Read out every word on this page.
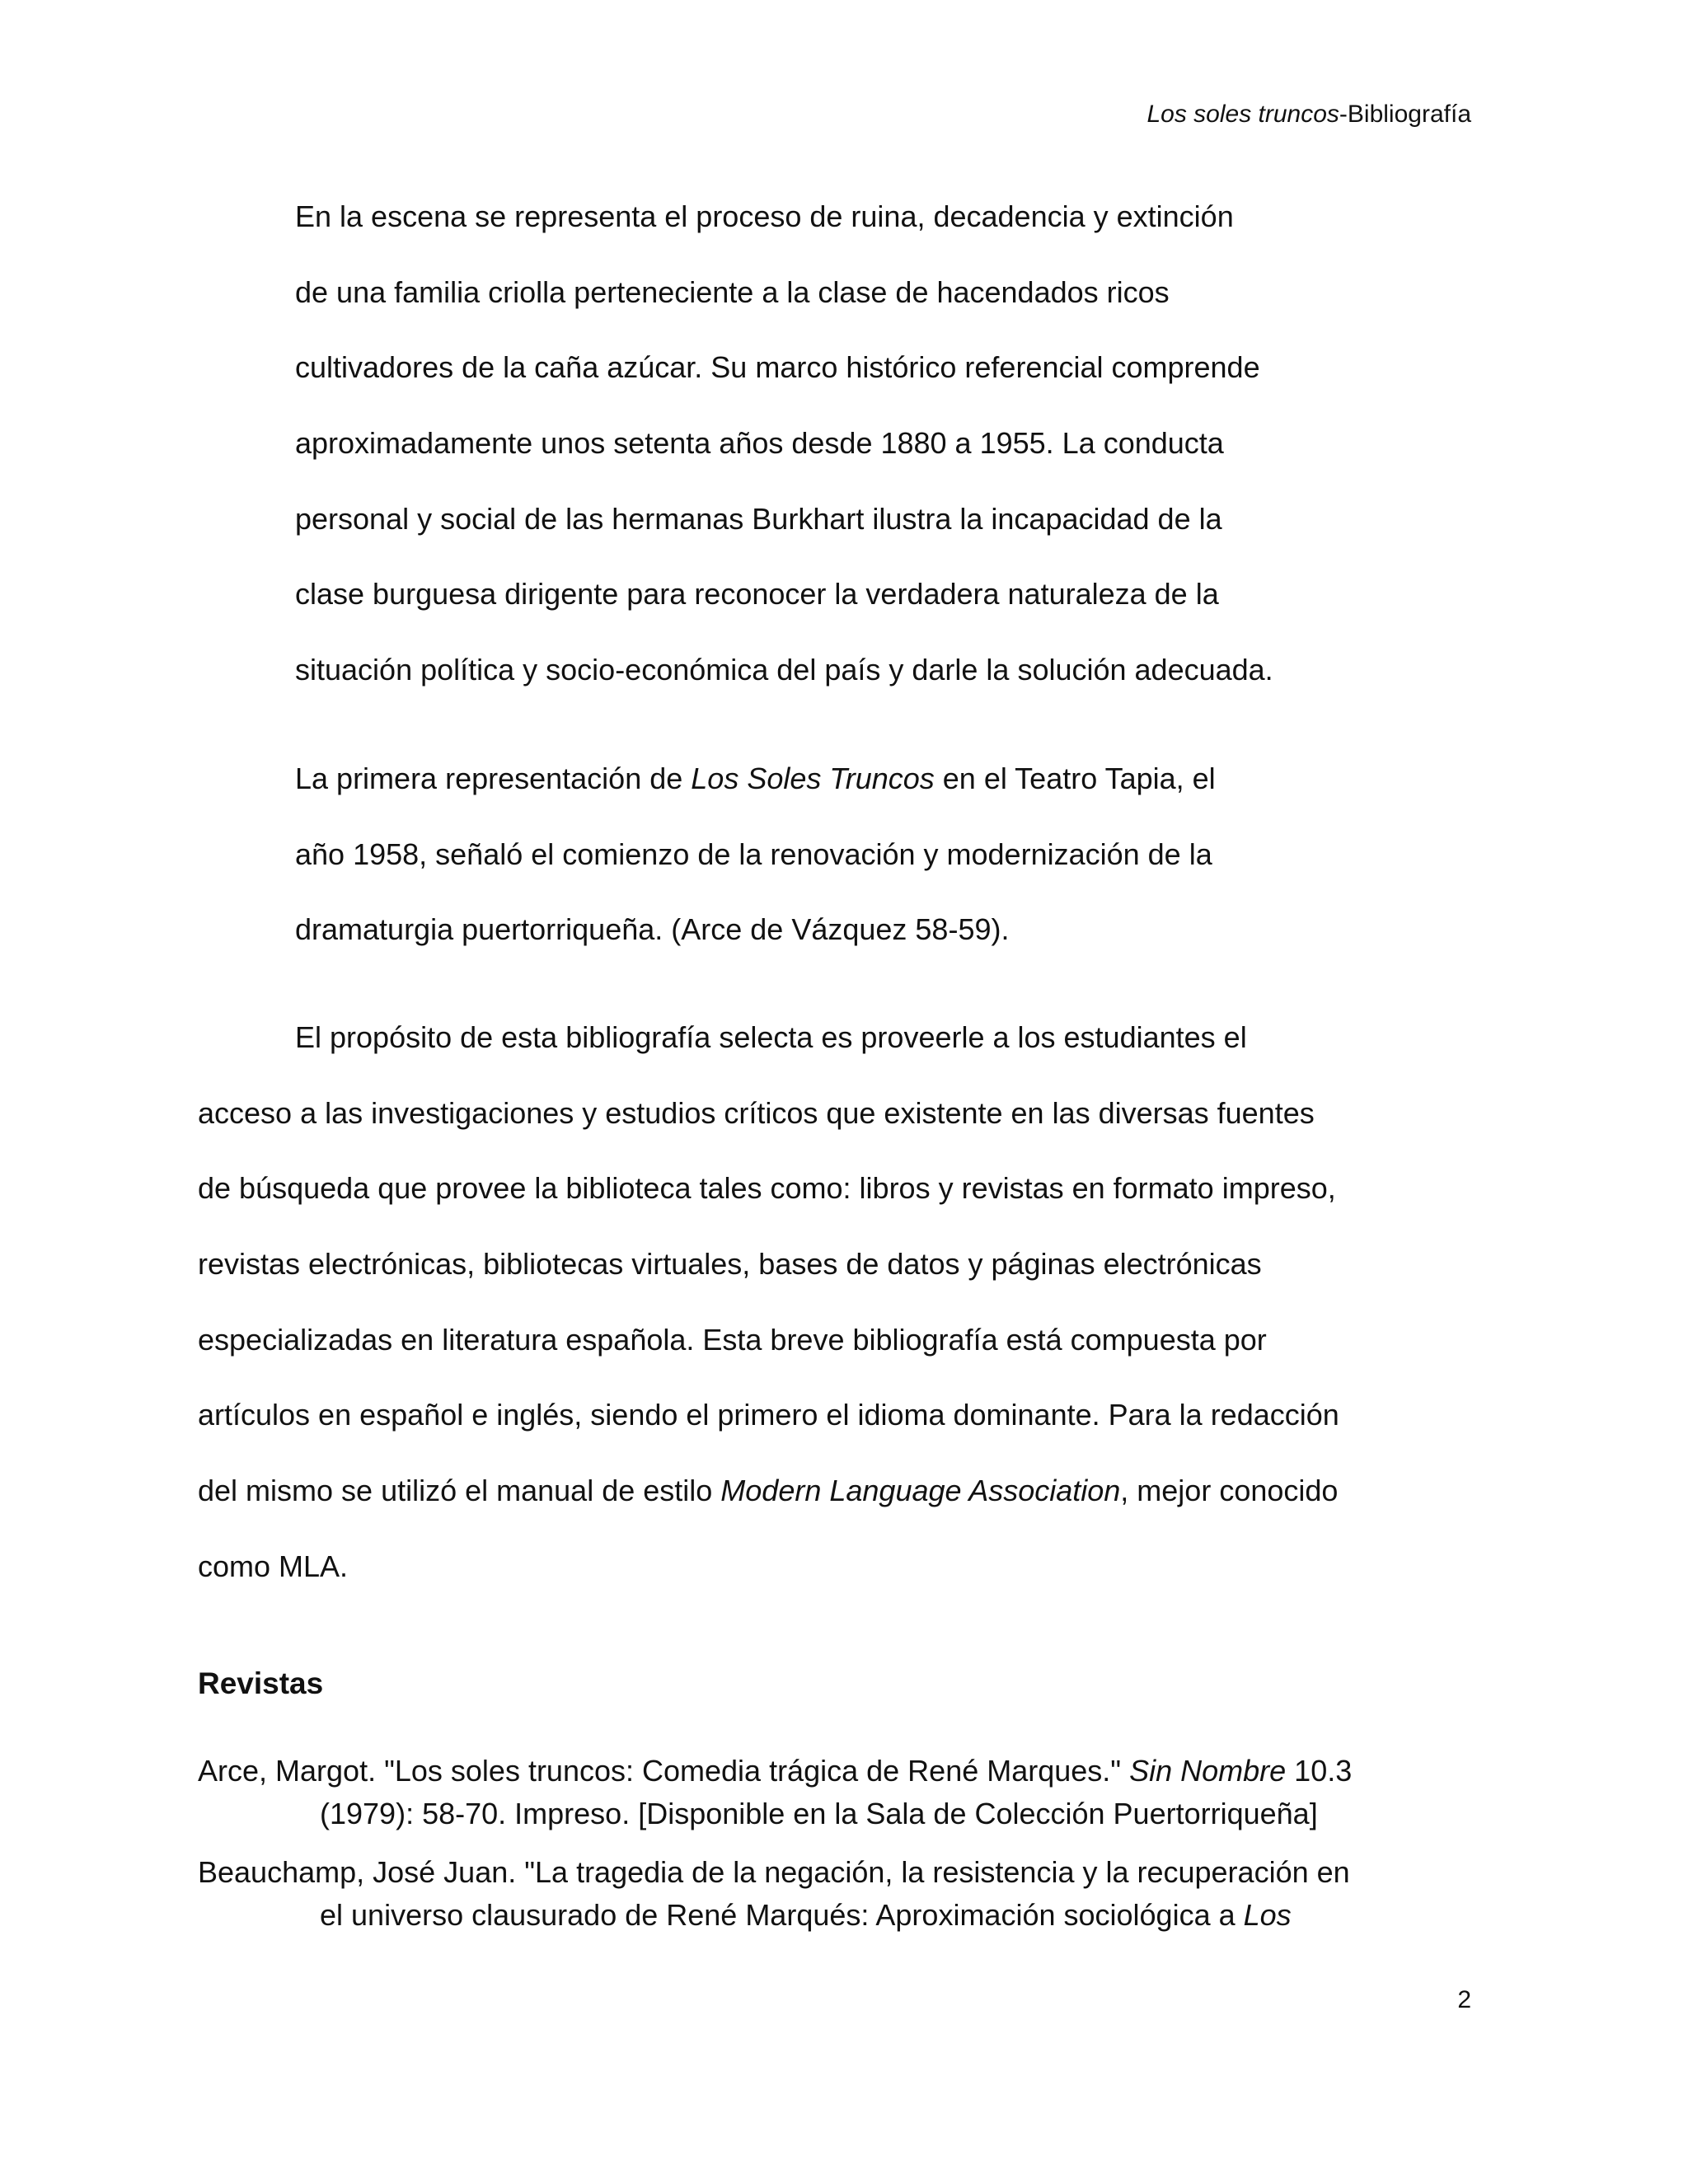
Los soles truncos-Bibliografía
En la escena se representa el proceso de ruina, decadencia y extinción
de una familia criolla perteneciente a la clase de hacendados ricos
cultivadores de la caña azúcar. Su marco histórico referencial comprende
aproximadamente unos setenta años desde 1880 a 1955. La conducta
personal y social de las hermanas Burkhart ilustra la incapacidad de la
clase burguesa dirigente para reconocer la verdadera naturaleza de la
situación política y socio-económica del país y darle la solución adecuada.
La primera representación de Los Soles Truncos en el Teatro Tapia, el
año 1958, señaló el comienzo de la renovación y modernización de la
dramaturgia puertorriqueña. (Arce de Vázquez 58-59).
El propósito de esta bibliografía selecta es proveerle a los estudiantes el
acceso a las investigaciones y estudios críticos que existente en las diversas fuentes
de búsqueda que provee la biblioteca tales como: libros y revistas en formato impreso,
revistas electrónicas, bibliotecas virtuales, bases de datos y páginas electrónicas
especializadas en literatura española. Esta breve bibliografía está compuesta por
artículos en español e inglés, siendo el primero el idioma dominante. Para la redacción
del mismo se utilizó el manual de estilo Modern Language Association, mejor conocido
como MLA.
Revistas
Arce, Margot. "Los soles truncos: Comedia trágica de René Marques." Sin Nombre 10.3
(1979): 58-70. Impreso. [Disponible en la Sala de Colección Puertorriqueña]
Beauchamp, José Juan. "La tragedia de la negación, la resistencia y la recuperación en
el universo clausurado de René Marqués: Aproximación sociológica a Los
2
